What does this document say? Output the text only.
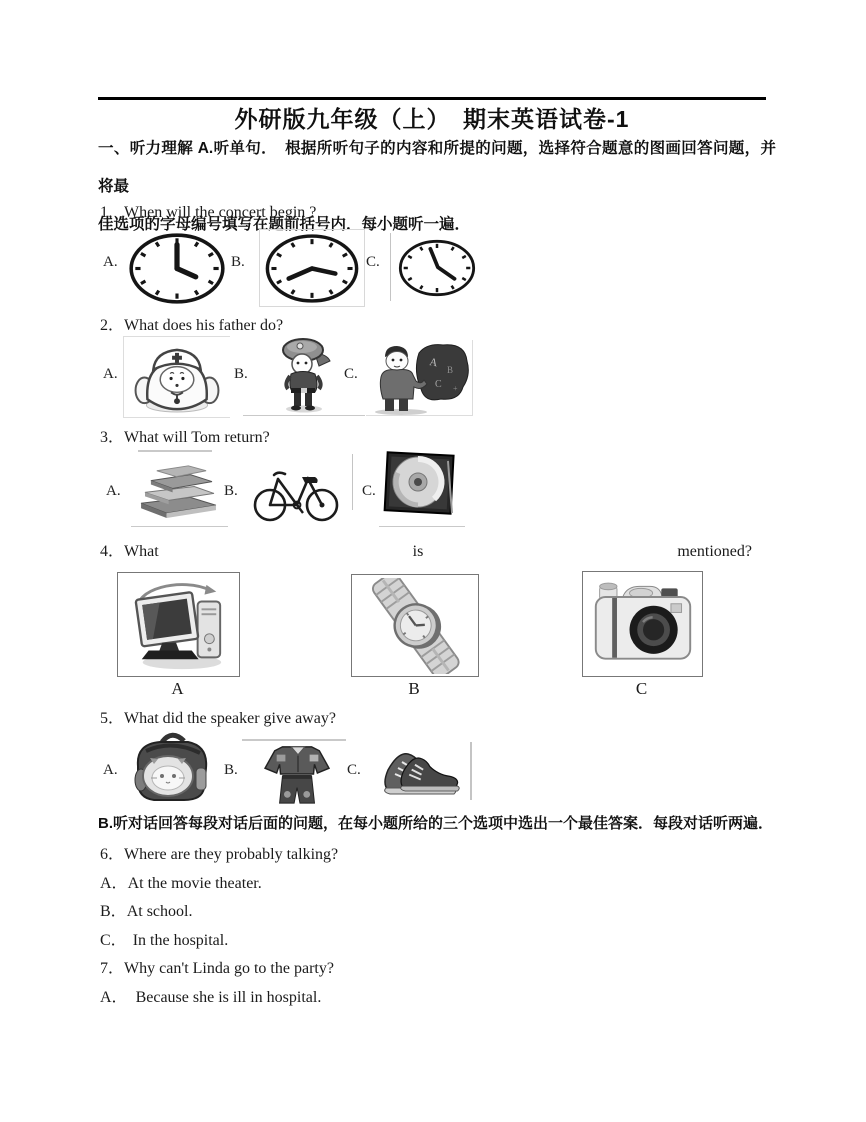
外研版九年级（上）　期末英语试卷-1
一、听力理解 A.听单句．　根据所听句子的内容和所提的问题，选择符合题意的图画回答问题，并将最
佳选项的字母编号填写在题前括号内．每小题听一遍．
1．When will the concert begin ?
A.	B.	C.
2．What does his father do?
A.	B.	C.
A
B
C +
3．What will Tom return?
A.	B.	C.
4．What	is	mentioned?
A	B	C
5．What did the speaker give away?
A.	B.	C.
B.听对话回答每段对话后面的问题，在每小题所给的三个选项中选出一个最佳答案．每段对话听两遍．
6．Where are they probably talking?
A．At the movie theater.
B．At school.
C． In the hospital.
7．Why can't Linda go to the party?
A． Because she is ill in hospital.
